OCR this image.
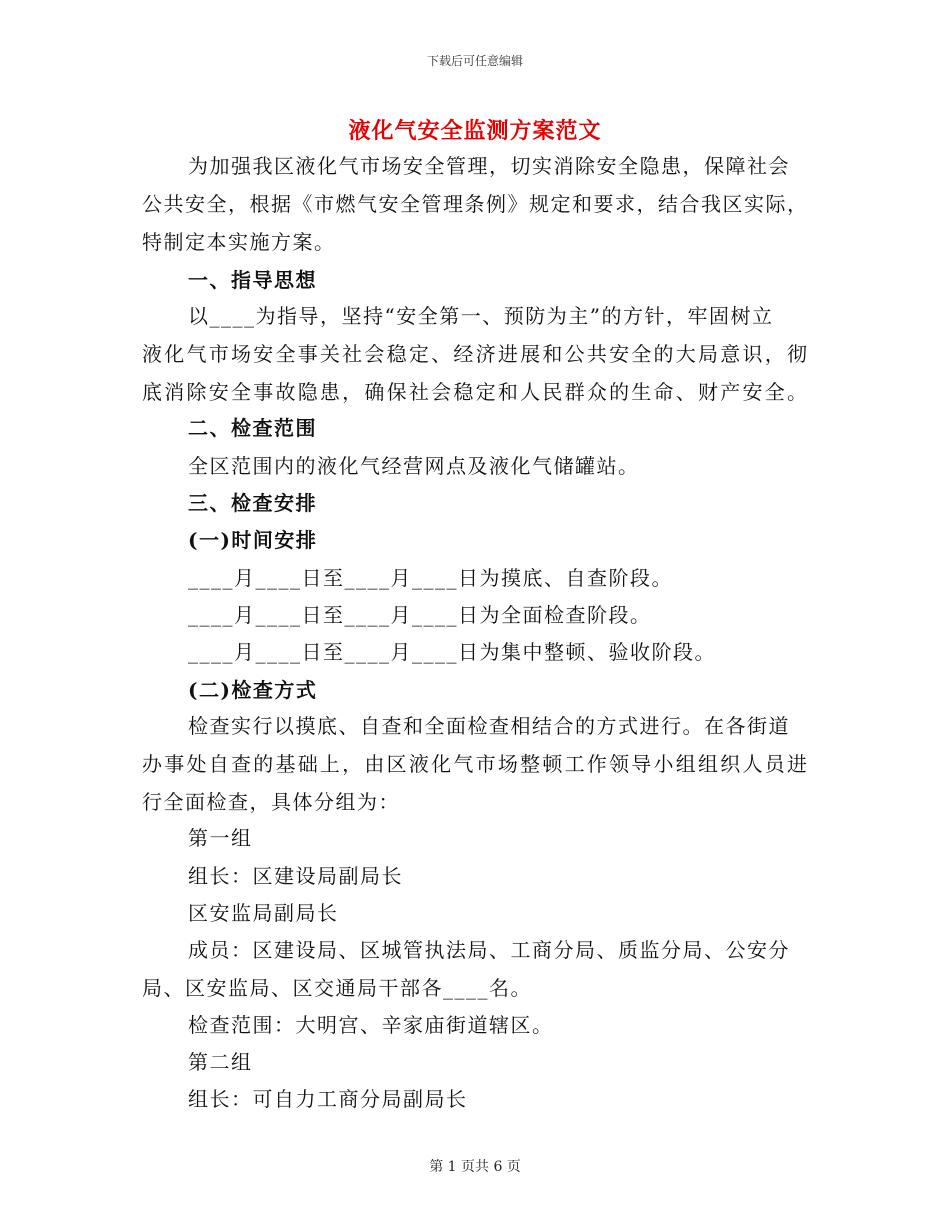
下载后可任意编辑
液化气安全监测方案范文
为加强我区液化气市场安全管理，切实消除安全隐患，保障社会
公共安全，根据《市燃气安全管理条例》规定和要求，结合我区实际，
特制定本实施方案。
一、指导思想
以____为指导，坚持“安全第一、预防为主”的方针，牢固树立
液化气市场安全事关社会稳定、经济进展和公共安全的大局意识，彻
底消除安全事故隐患，确保社会稳定和人民群众的生命、财产安全。
二、检查范围
全区范围内的液化气经营网点及液化气储罐站。
三、检查安排
(一)时间安排
____月____日至____月____日为摸底、自查阶段。
____月____日至____月____日为全面检查阶段。
____月____日至____月____日为集中整顿、验收阶段。
(二)检查方式
检查实行以摸底、自查和全面检查相结合的方式进行。在各街道
办事处自查的基础上，由区液化气市场整顿工作领导小组组织人员进
行全面检查，具体分组为：
第一组
组长：区建设局副局长
区安监局副局长
成员：区建设局、区城管执法局、工商分局、质监分局、公安分
局、区安监局、区交通局干部各____名。
检查范围：大明宫、辛家庙街道辖区。
第二组
组长：可自力工商分局副局长
第 1 页共 6 页
